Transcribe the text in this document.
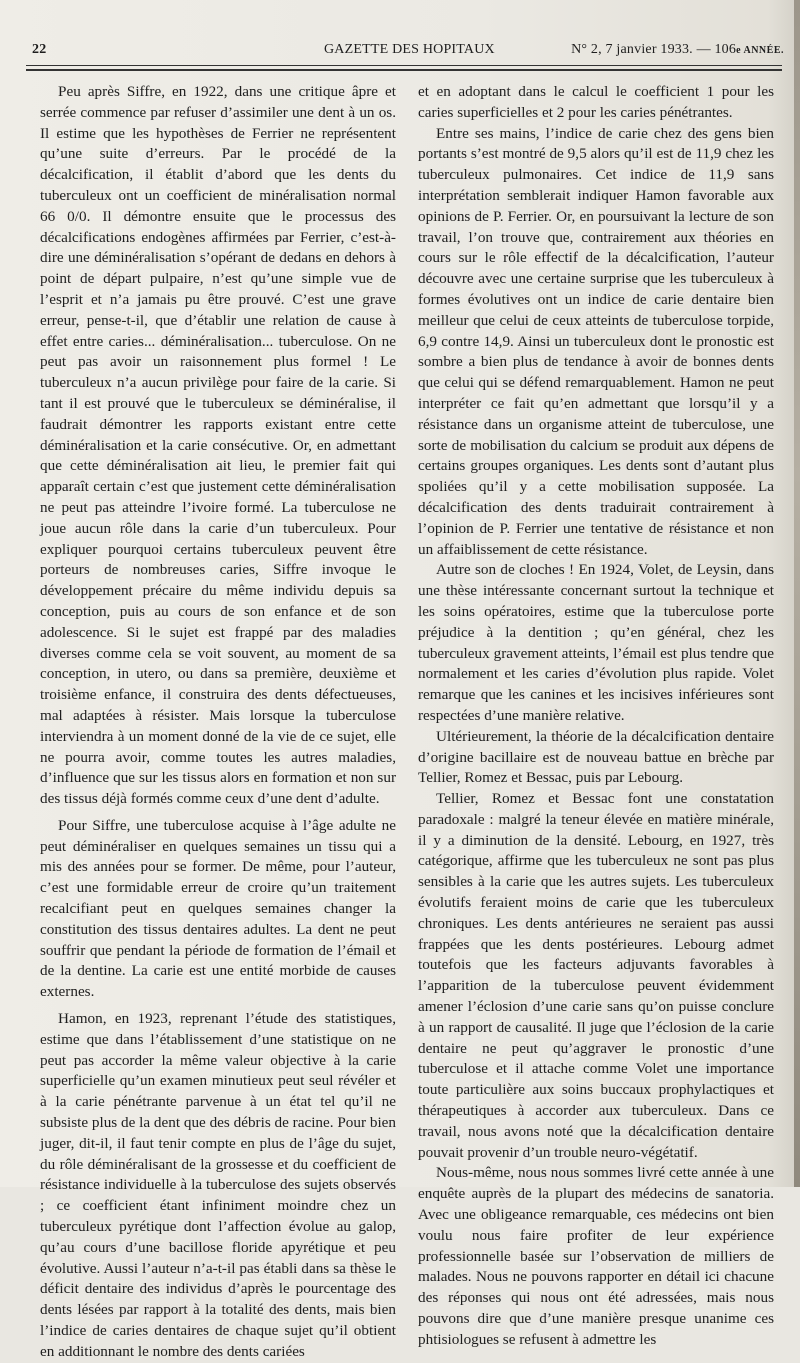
22	GAZETTE DES HOPITAUX	N° 2, 7 janvier 1933. — 106e ANNÉE.

Peu après Siffre, en 1922, dans une critique âpre et serrée commence par refuser d’assimiler une dent à un os. Il estime que les hypothèses de Ferrier ne représentent qu’une suite d’erreurs. Par le procédé de la décalcification, il établit d’abord que les dents du tuberculeux ont un coefficient de minéralisation normal 66 0/0. Il démontre ensuite que le processus des décalcifications endogènes affirmées par Ferrier, c’est-à-dire une déminéralisation s’opérant de dedans en dehors à point de départ pulpaire, n’est qu’une simple vue de l’esprit et n’a jamais pu être prouvé. C’est une grave erreur, pense-t-il, que d’établir une relation de cause à effet entre caries... déminéralisation... tuberculose. On ne peut pas avoir un raisonnement plus formel ! Le tuberculeux n’a aucun privilège pour faire de la carie. Si tant il est prouvé que le tuberculeux se déminéralise, il faudrait démontrer les rapports existant entre cette déminéralisation et la carie consécutive. Or, en admettant que cette déminéralisation ait lieu, le premier fait qui apparaît certain c’est que justement cette déminéralisation ne peut pas atteindre l’ivoire formé. La tuberculose ne joue aucun rôle dans la carie d’un tuberculeux. Pour expliquer pourquoi certains tuberculeux peuvent être porteurs de nombreuses caries, Siffre invoque le développement précaire du même individu depuis sa conception, puis au cours de son enfance et de son adolescence. Si le sujet est frappé par des maladies diverses comme cela se voit souvent, au moment de sa conception, in utero, ou dans sa première, deuxième et troisième enfance, il construira des dents défectueuses, mal adaptées à résister. Mais lorsque la tuberculose interviendra à un moment donné de la vie de ce sujet, elle ne pourra avoir, comme toutes les autres maladies, d’influence que sur les tissus alors en formation et non sur des tissus déjà formés comme ceux d’une dent d’adulte.

Pour Siffre, une tuberculose acquise à l’âge adulte ne peut déminéraliser en quelques semaines un tissu qui a mis des années pour se former. De même, pour l’auteur, c’est une formidable erreur de croire qu’un traitement recalcifiant peut en quelques semaines changer la constitution des tissus dentaires adultes. La dent ne peut souffrir que pendant la période de formation de l’émail et de la dentine. La carie est une entité morbide de causes externes.

Hamon, en 1923, reprenant l’étude des statistiques, estime que dans l’établissement d’une statistique on ne peut pas accorder la même valeur objective à la carie superficielle qu’un examen minutieux peut seul révéler et à la carie pénétrante parvenue à un état tel qu’il ne subsiste plus de la dent que des débris de racine. Pour bien juger, dit-il, il faut tenir compte en plus de l’âge du sujet, du rôle déminéralisant de la grossesse et du coefficient de résistance individuelle à la tuberculose des sujets observés ; ce coefficient étant infiniment moindre chez un tuberculeux pyrétique dont l’affection évolue au galop, qu’au cours d’une bacillose floride apyrétique et peu évolutive. Aussi l’auteur n’a-t-il pas établi dans sa thèse le déficit dentaire des individus d’après le pourcentage des dents lésées par rapport à la totalité des dents, mais bien l’indice de caries dentaires de chaque sujet qu’il obtient en additionnant le nombre des dents cariées

et en adoptant dans le calcul le coefficient 1 pour les caries superficielles et 2 pour les caries pénétrantes.

Entre ses mains, l’indice de carie chez des gens bien portants s’est montré de 9,5 alors qu’il est de 11,9 chez les tuberculeux pulmonaires. Cet indice de 11,9 sans interprétation semblerait indiquer Hamon favorable aux opinions de P. Ferrier. Or, en poursuivant la lecture de son travail, l’on trouve que, contrairement aux théories en cours sur le rôle effectif de la décalcification, l’auteur découvre avec une certaine surprise que les tuberculeux à formes évolutives ont un indice de carie dentaire bien meilleur que celui de ceux atteints de tuberculose torpide, 6,9 contre 14,9. Ainsi un tuberculeux dont le pronostic est sombre a bien plus de tendance à avoir de bonnes dents que celui qui se défend remarquablement. Hamon ne peut interpréter ce fait qu’en admettant que lorsqu’il y a résistance dans un organisme atteint de tuberculose, une sorte de mobilisation du calcium se produit aux dépens de certains groupes organiques. Les dents sont d’autant plus spoliées qu’il y a cette mobilisation supposée. La décalcification des dents traduirait contrairement à l’opinion de P. Ferrier une tentative de résistance et non un affaiblissement de cette résistance.

Autre son de cloches ! En 1924, Volet, de Leysin, dans une thèse intéressante concernant surtout la technique et les soins opératoires, estime que la tuberculose porte préjudice à la dentition ; qu’en général, chez les tuberculeux gravement atteints, l’émail est plus tendre que normalement et les caries d’évolution plus rapide. Volet remarque que les canines et les incisives inférieures sont respectées d’une manière relative.

Ultérieurement, la théorie de la décalcification dentaire d’origine bacillaire est de nouveau battue en brèche par Tellier, Romez et Bessac, puis par Lebourg.

Tellier, Romez et Bessac font une constatation paradoxale : malgré la teneur élevée en matière minérale, il y a diminution de la densité. Lebourg, en 1927, très catégorique, affirme que les tuberculeux ne sont pas plus sensibles à la carie que les autres sujets. Les tuberculeux évolutifs feraient moins de carie que les tuberculeux chroniques. Les dents antérieures ne seraient pas aussi frappées que les dents postérieures. Lebourg admet toutefois que les facteurs adjuvants favorables à l’apparition de la tuberculose peuvent évidemment amener l’éclosion d’une carie sans qu’on puisse conclure à un rapport de causalité. Il juge que l’éclosion de la carie dentaire ne peut qu’aggraver le pronostic d’une tuberculose et il attache comme Volet une importance toute particulière aux soins buccaux prophylactiques et thérapeutiques à accorder aux tuberculeux. Dans ce travail, nous avons noté que la décalcification dentaire pouvait provenir d’un trouble neuro-végétatif.

Nous-même, nous nous sommes livré cette année à une enquête auprès de la plupart des médecins de sanatoria. Avec une obligeance remarquable, ces médecins ont bien voulu nous faire profiter de leur expérience professionnelle basée sur l’observation de milliers de malades. Nous ne pouvons rapporter en détail ici chacune des réponses qui nous ont été adressées, mais nous pouvons dire que d’une manière presque unanime ces phtisiologues se refusent à admettre les
